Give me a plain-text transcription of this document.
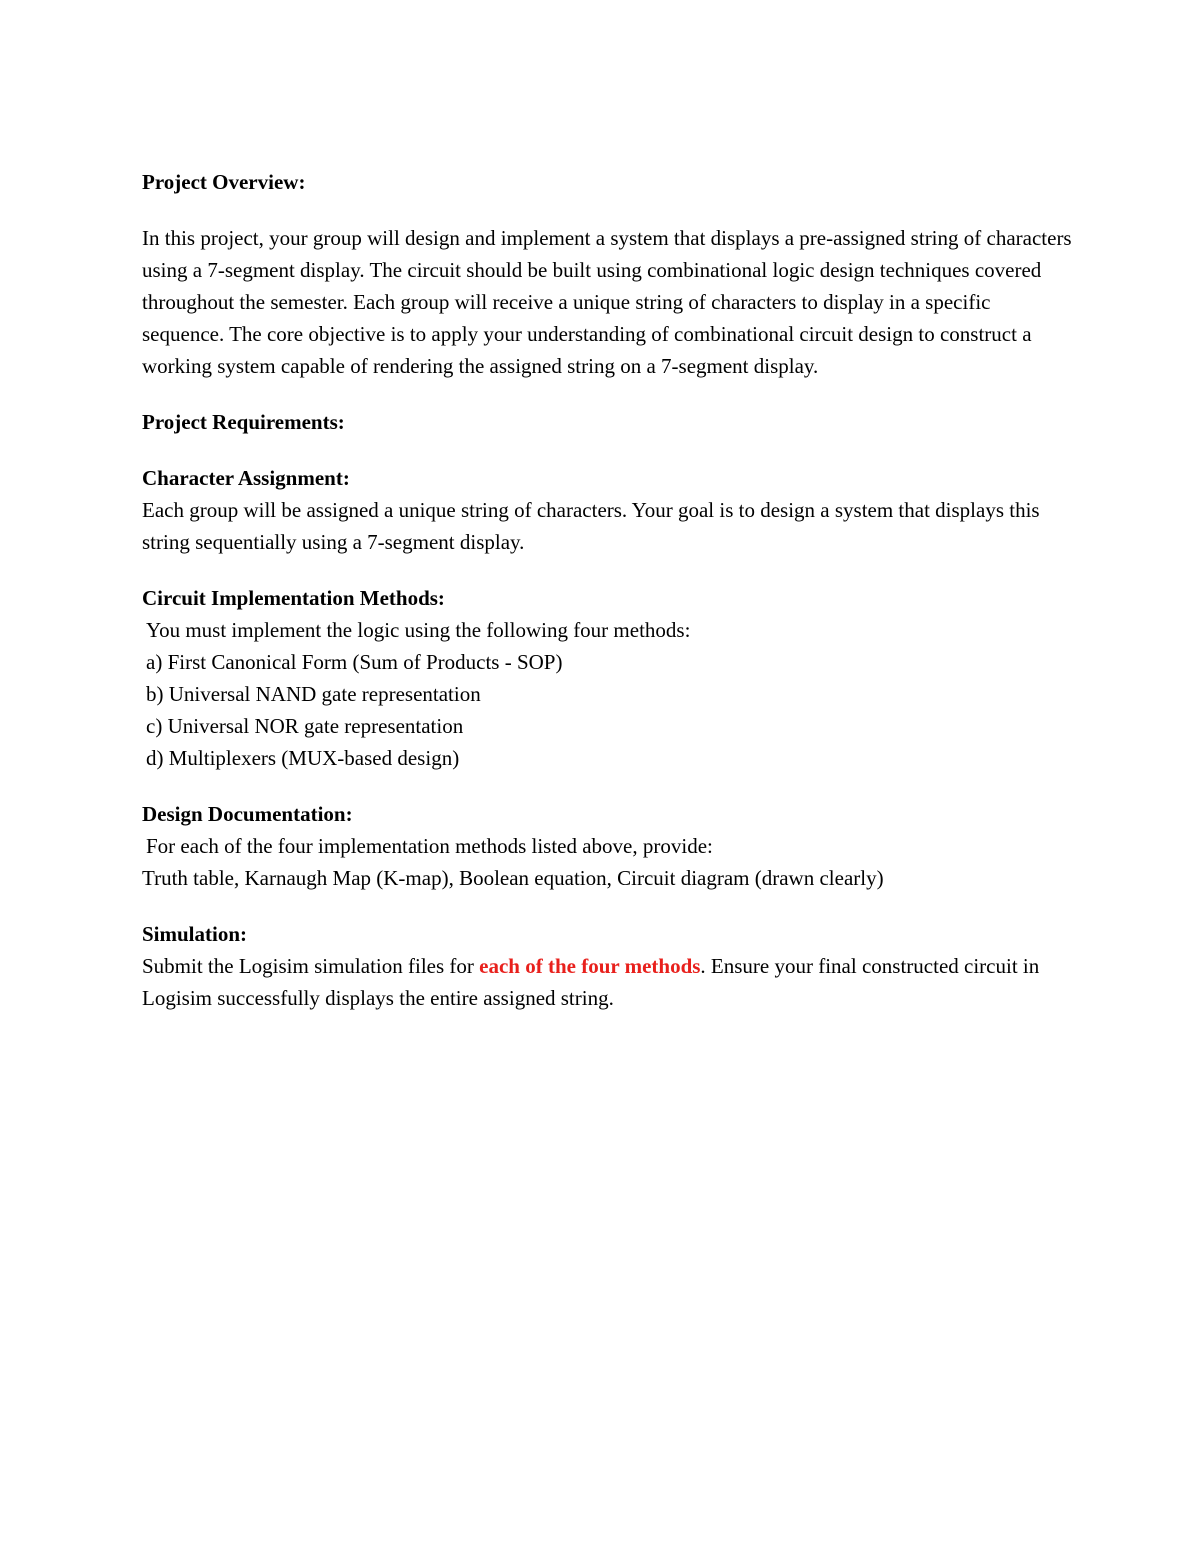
Project Overview:

In this project, your group will design and implement a system that displays a pre-assigned string of characters using a 7-segment display. The circuit should be built using combinational logic design techniques covered throughout the semester. Each group will receive a unique string of characters to display in a specific sequence. The core objective is to apply your understanding of combinational circuit design to construct a working system capable of rendering the assigned string on a 7-segment display.

Project Requirements:

Character Assignment:

Each group will be assigned a unique string of characters. Your goal is to design a system that displays this string sequentially using a 7-segment display.

Circuit Implementation Methods:

You must implement the logic using the following four methods:

a) First Canonical Form (Sum of Products - SOP)

b) Universal NAND gate representation

c) Universal NOR gate representation

d) Multiplexers (MUX-based design)

Design Documentation:

For each of the four implementation methods listed above, provide:

Truth table, Karnaugh Map (K-map), Boolean equation, Circuit diagram (drawn clearly)

Simulation:

Submit the Logisim simulation files for each of the four methods. Ensure your final constructed circuit in Logisim successfully displays the entire assigned string.
